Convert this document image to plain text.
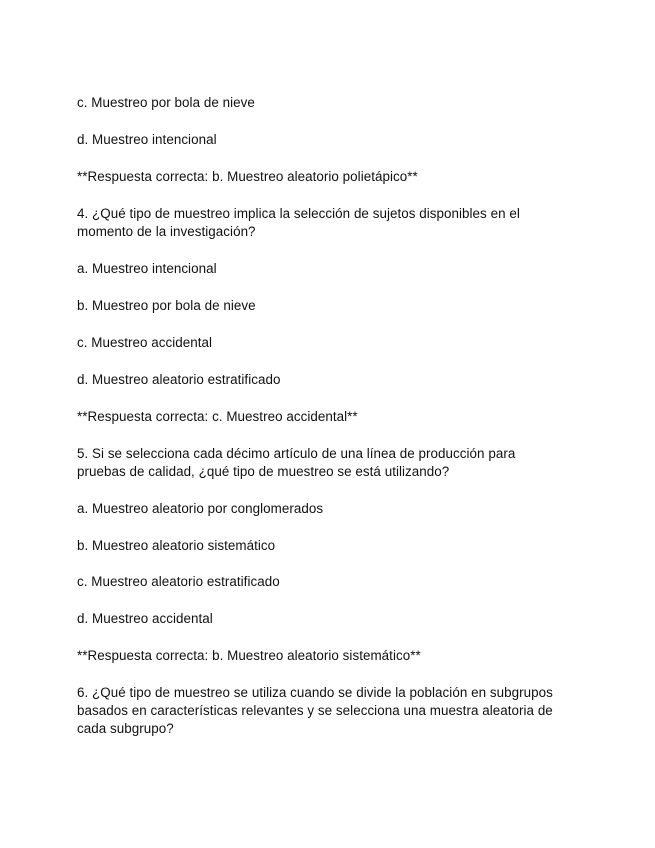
c. Muestreo por bola de nieve
d. Muestreo intencional
**Respuesta correcta: b. Muestreo aleatorio polietápico**
4. ¿Qué tipo de muestreo implica la selección de sujetos disponibles en el
momento de la investigación?
a. Muestreo intencional
b. Muestreo por bola de nieve
c. Muestreo accidental
d. Muestreo aleatorio estratificado
**Respuesta correcta: c. Muestreo accidental**
5. Si se selecciona cada décimo artículo de una línea de producción para
pruebas de calidad, ¿qué tipo de muestreo se está utilizando?
a. Muestreo aleatorio por conglomerados
b. Muestreo aleatorio sistemático
c. Muestreo aleatorio estratificado
d. Muestreo accidental
**Respuesta correcta: b. Muestreo aleatorio sistemático**
6. ¿Qué tipo de muestreo se utiliza cuando se divide la población en subgrupos
basados en características relevantes y se selecciona una muestra aleatoria de
cada subgrupo?
